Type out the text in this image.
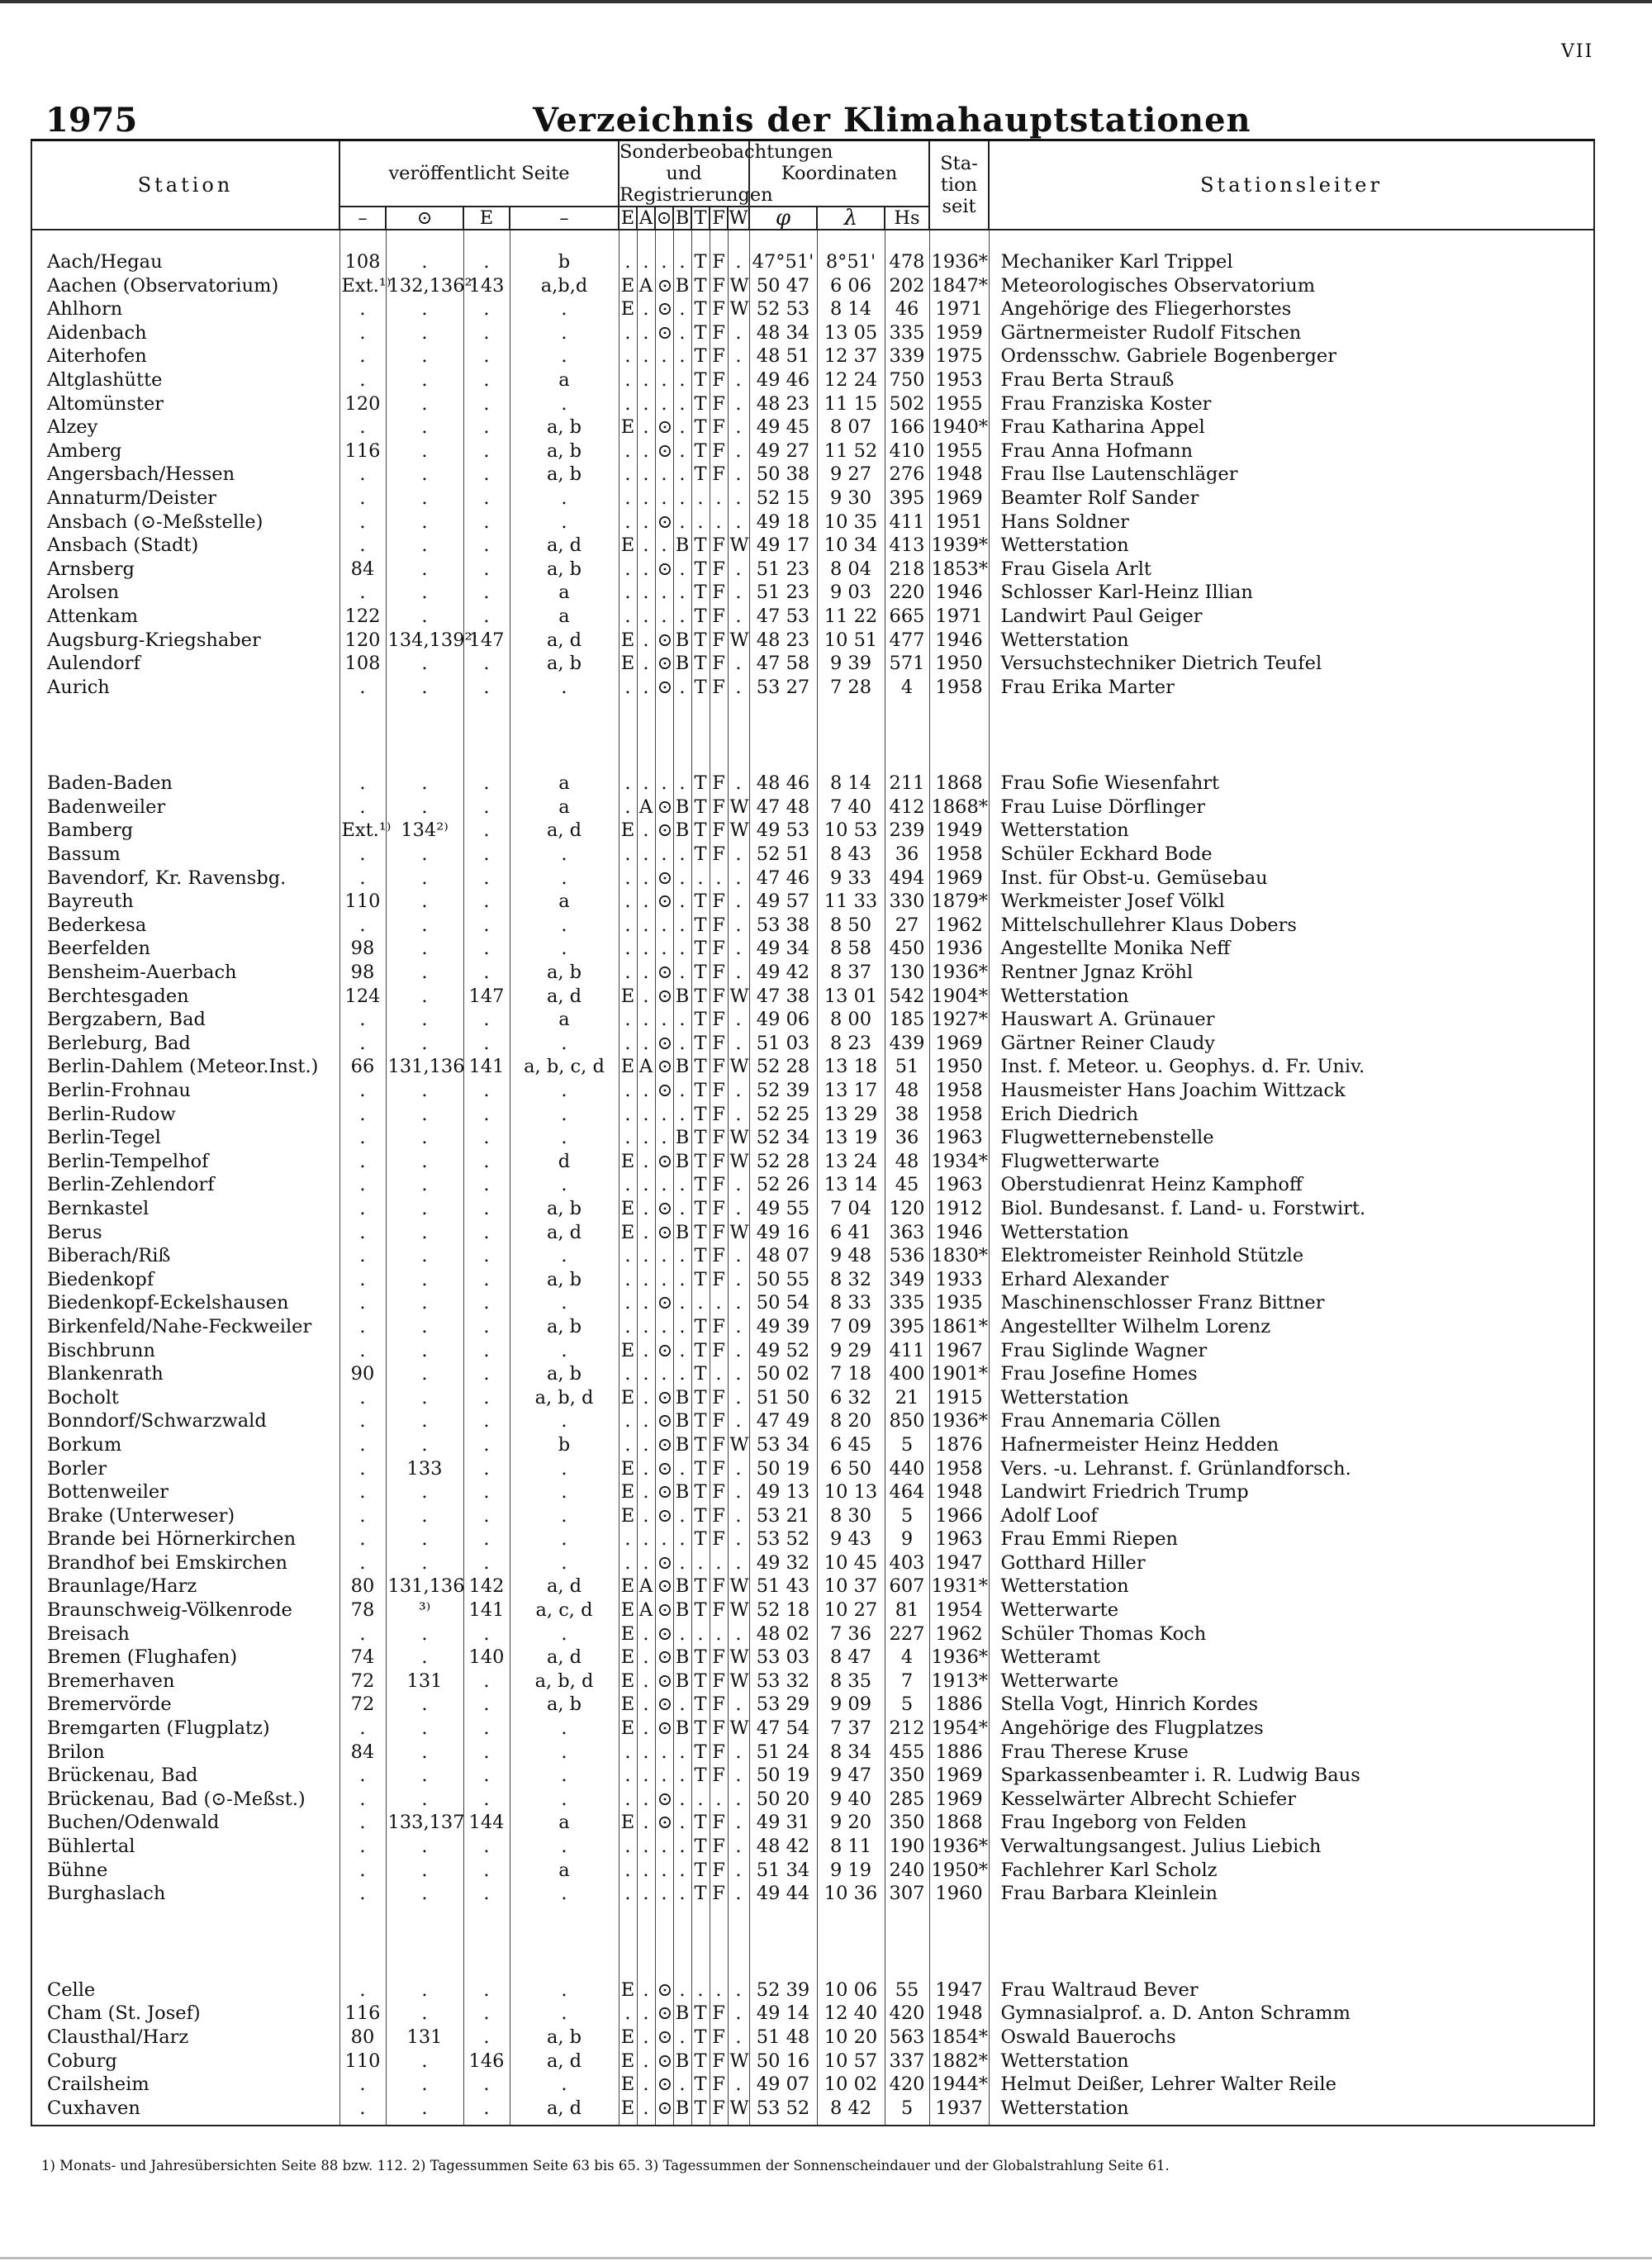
VII
1975	Verzeichnis der Klimahauptstationen
Station	veröffentlicht Seite				Sonderbeobachtungen und Registrierungen							Koordinaten			Sta- tion seit	Stationsleiter
	–	⊙	E	–	E	A	⊙	B	T	F	W	φ	λ	Hs		

Aach/Hegau	108	.	.	b	.	.	.	.	T	F	.	47°51'	8°51'	478	1936*	Mechaniker Karl Trippel
Aachen (Observatorium)	Ext.¹⁾	132,136²⁾	143	a,b,d	E	A	⊙	B	T	F	W	50 47	6 06	202	1847*	Meteorologisches Observatorium
Ahlhorn	.	.	.	.	E	.	⊙	.	T	F	W	52 53	8 14	46	1971	Angehörige des Fliegerhorstes
Aidenbach	.	.	.	.	.	.	⊙	.	T	F	.	48 34	13 05	335	1959	Gärtnermeister Rudolf Fitschen
Aiterhofen	.	.	.	.	.	.	.	.	T	F	.	48 51	12 37	339	1975	Ordensschw. Gabriele Bogenberger
Altglashütte	.	.	.	a	.	.	.	.	T	F	.	49 46	12 24	750	1953	Frau Berta Strauß
Altomünster	120	.	.	.	.	.	.	.	T	F	.	48 23	11 15	502	1955	Frau Franziska Koster
Alzey	.	.	.	a, b	E	.	⊙	.	T	F	.	49 45	8 07	166	1940*	Frau Katharina Appel
Amberg	116	.	.	a, b	.	.	⊙	.	T	F	.	49 27	11 52	410	1955	Frau Anna Hofmann
Angersbach/Hessen	.	.	.	a, b	.	.	.	.	T	F	.	50 38	9 27	276	1948	Frau Ilse Lautenschläger
Annaturm/Deister	.	.	.	.	.	.	.	.	.	.	.	52 15	9 30	395	1969	Beamter Rolf Sander
Ansbach (⊙-Meßstelle)	.	.	.	.	.	.	⊙	.	.	.	.	49 18	10 35	411	1951	Hans Soldner
Ansbach (Stadt)	.	.	.	a, d	E	.	.	B	T	F	W	49 17	10 34	413	1939*	Wetterstation
Arnsberg	84	.	.	a, b	.	.	⊙	.	T	F	.	51 23	8 04	218	1853*	Frau Gisela Arlt
Arolsen	.	.	.	a	.	.	.	.	T	F	.	51 23	9 03	220	1946	Schlosser Karl-Heinz Illian
Attenkam	122	.	.	a	.	.	.	.	T	F	.	47 53	11 22	665	1971	Landwirt Paul Geiger
Augsburg-Kriegshaber	120	134,139²⁾	147	a, d	E	.	⊙	B	T	F	W	48 23	10 51	477	1946	Wetterstation
Aulendorf	108	.	.	a, b	E	.	⊙	B	T	F	.	47 58	9 39	571	1950	Versuchstechniker Dietrich Teufel
Aurich	.	.	.	.	.	.	⊙	.	T	F	.	53 27	7 28	4	1958	Frau Erika Marter

Baden-Baden	.	.	.	a	.	.	.	.	T	F	.	48 46	8 14	211	1868	Frau Sofie Wiesenfahrt
Badenweiler	.	.	.	a	.	A	⊙	B	T	F	W	47 48	7 40	412	1868*	Frau Luise Dörflinger
Bamberg	Ext.¹⁾	134²⁾	.	a, d	E	.	⊙	B	T	F	W	49 53	10 53	239	1949	Wetterstation
Bassum	.	.	.	.	.	.	.	.	T	F	.	52 51	8 43	36	1958	Schüler Eckhard Bode
Bavendorf, Kr. Ravensbg.	.	.	.	.	.	.	⊙	.	.	.	.	47 46	9 33	494	1969	Inst. für Obst-u. Gemüsebau
Bayreuth	110	.	.	a	.	.	⊙	.	T	F	.	49 57	11 33	330	1879*	Werkmeister Josef Völkl
Bederkesa	.	.	.	.	.	.	.	.	T	F	.	53 38	8 50	27	1962	Mittelschullehrer Klaus Dobers
Beerfelden	98	.	.	.	.	.	.	.	T	F	.	49 34	8 58	450	1936	Angestellte Monika Neff
Bensheim-Auerbach	98	.	.	a, b	.	.	⊙	.	T	F	.	49 42	8 37	130	1936*	Rentner Jgnaz Kröhl
Berchtesgaden	124	.	147	a, d	E	.	⊙	B	T	F	W	47 38	13 01	542	1904*	Wetterstation
Bergzabern, Bad	.	.	.	a	.	.	.	.	T	F	.	49 06	8 00	185	1927*	Hauswart A. Grünauer
Berleburg, Bad	.	.	.	.	.	.	⊙	.	T	F	.	51 03	8 23	439	1969	Gärtner Reiner Claudy
Berlin-Dahlem (Meteor.Inst.)	66	131,136	141	a, b, c, d	E	A	⊙	B	T	F	W	52 28	13 18	51	1950	Inst. f. Meteor. u. Geophys. d. Fr. Univ.
Berlin-Frohnau	.	.	.	.	.	.	⊙	.	T	F	.	52 39	13 17	48	1958	Hausmeister Hans Joachim Wittzack
Berlin-Rudow	.	.	.	.	.	.	.	.	T	F	.	52 25	13 29	38	1958	Erich Diedrich
Berlin-Tegel	.	.	.	.	.	.	.	B	T	F	W	52 34	13 19	36	1963	Flugwetternebenstelle
Berlin-Tempelhof	.	.	.	d	E	.	⊙	B	T	F	W	52 28	13 24	48	1934*	Flugwetterwarte
Berlin-Zehlendorf	.	.	.	.	.	.	.	.	T	F	.	52 26	13 14	45	1963	Oberstudienrat Heinz Kamphoff
Bernkastel	.	.	.	a, b	E	.	⊙	.	T	F	.	49 55	7 04	120	1912	Biol. Bundesanst. f. Land- u. Forstwirt.
Berus	.	.	.	a, d	E	.	⊙	B	T	F	W	49 16	6 41	363	1946	Wetterstation
Biberach/Riß	.	.	.	.	.	.	.	.	T	F	.	48 07	9 48	536	1830*	Elektromeister Reinhold Stützle
Biedenkopf	.	.	.	a, b	.	.	.	.	T	F	.	50 55	8 32	349	1933	Erhard Alexander
Biedenkopf-Eckelshausen	.	.	.	.	.	.	⊙	.	.	.	.	50 54	8 33	335	1935	Maschinenschlosser Franz Bittner
Birkenfeld/Nahe-Feckweiler	.	.	.	a, b	.	.	.	.	T	F	.	49 39	7 09	395	1861*	Angestellter Wilhelm Lorenz
Bischbrunn	.	.	.	.	E	.	⊙	.	T	F	.	49 52	9 29	411	1967	Frau Siglinde Wagner
Blankenrath	90	.	.	a, b	.	.	.	.	T	.	.	50 02	7 18	400	1901*	Frau Josefine Homes
Bocholt	.	.	.	a, b, d	E	.	⊙	B	T	F	.	51 50	6 32	21	1915	Wetterstation
Bonndorf/Schwarzwald	.	.	.	.	.	.	⊙	B	T	F	.	47 49	8 20	850	1936*	Frau Annemaria Cöllen
Borkum	.	.	.	b	.	.	⊙	B	T	F	W	53 34	6 45	5	1876	Hafnermeister Heinz Hedden
Borler	.	133	.	.	E	.	⊙	.	T	F	.	50 19	6 50	440	1958	Vers. -u. Lehranst. f. Grünlandforsch.
Bottenweiler	.	.	.	.	E	.	⊙	B	T	F	.	49 13	10 13	464	1948	Landwirt Friedrich Trump
Brake (Unterweser)	.	.	.	.	E	.	⊙	.	T	F	.	53 21	8 30	5	1966	Adolf Loof
Brande bei Hörnerkirchen	.	.	.	.	.	.	.	.	T	F	.	53 52	9 43	9	1963	Frau Emmi Riepen
Brandhof bei Emskirchen	.	.	.	.	.	.	⊙	.	.	.	.	49 32	10 45	403	1947	Gotthard Hiller
Braunlage/Harz	80	131,136	142	a, d	E	A	⊙	B	T	F	W	51 43	10 37	607	1931*	Wetterstation
Braunschweig-Völkenrode	78	³⁾	141	a, c, d	E	A	⊙	B	T	F	W	52 18	10 27	81	1954	Wetterwarte
Breisach	.	.	.	.	E	.	⊙	.	.	.	.	48 02	7 36	227	1962	Schüler Thomas Koch
Bremen (Flughafen)	74	.	140	a, d	E	.	⊙	B	T	F	W	53 03	8 47	4	1936*	Wetteramt
Bremerhaven	72	131	.	a, b, d	E	.	⊙	B	T	F	W	53 32	8 35	7	1913*	Wetterwarte
Bremervörde	72	.	.	a, b	E	.	⊙	.	T	F	.	53 29	9 09	5	1886	Stella Vogt, Hinrich Kordes
Bremgarten (Flugplatz)	.	.	.	.	E	.	⊙	B	T	F	W	47 54	7 37	212	1954*	Angehörige des Flugplatzes
Brilon	84	.	.	.	.	.	.	.	T	F	.	51 24	8 34	455	1886	Frau Therese Kruse
Brückenau, Bad	.	.	.	.	.	.	.	.	T	F	.	50 19	9 47	350	1969	Sparkassenbeamter i. R. Ludwig Baus
Brückenau, Bad (⊙-Meßst.)	.	.	.	.	.	.	⊙	.	.	.	.	50 20	9 40	285	1969	Kesselwärter Albrecht Schiefer
Buchen/Odenwald	.	133,137	144	a	E	.	⊙	.	T	F	.	49 31	9 20	350	1868	Frau Ingeborg von Felden
Bühlertal	.	.	.	.	.	.	.	.	T	F	.	48 42	8 11	190	1936*	Verwaltungsangest. Julius Liebich
Bühne	.	.	.	a	.	.	.	.	T	F	.	51 34	9 19	240	1950*	Fachlehrer Karl Scholz
Burghaslach	.	.	.	.	.	.	.	.	T	F	.	49 44	10 36	307	1960	Frau Barbara Kleinlein

Celle	.	.	.	.	E	.	⊙	.	.	.	.	52 39	10 06	55	1947	Frau Waltraud Bever
Cham (St. Josef)	116	.	.	.	.	.	⊙	B	T	F	.	49 14	12 40	420	1948	Gymnasialprof. a. D. Anton Schramm
Clausthal/Harz	80	131	.	a, b	E	.	⊙	.	T	F	.	51 48	10 20	563	1854*	Oswald Bauerochs
Coburg	110	.	146	a, d	E	.	⊙	B	T	F	W	50 16	10 57	337	1882*	Wetterstation
Crailsheim	.	.	.	.	E	.	⊙	.	T	F	.	49 07	10 02	420	1944*	Helmut Deißer, Lehrer Walter Reile
Cuxhaven	.	.	.	a, d	E	.	⊙	B	T	F	W	53 52	8 42	5	1937	Wetterstation

1) Monats- und Jahresübersichten Seite 88 bzw. 112. 2) Tagessummen Seite 63 bis 65. 3) Tagessummen der Sonnenscheindauer und der Globalstrahlung Seite 61.
